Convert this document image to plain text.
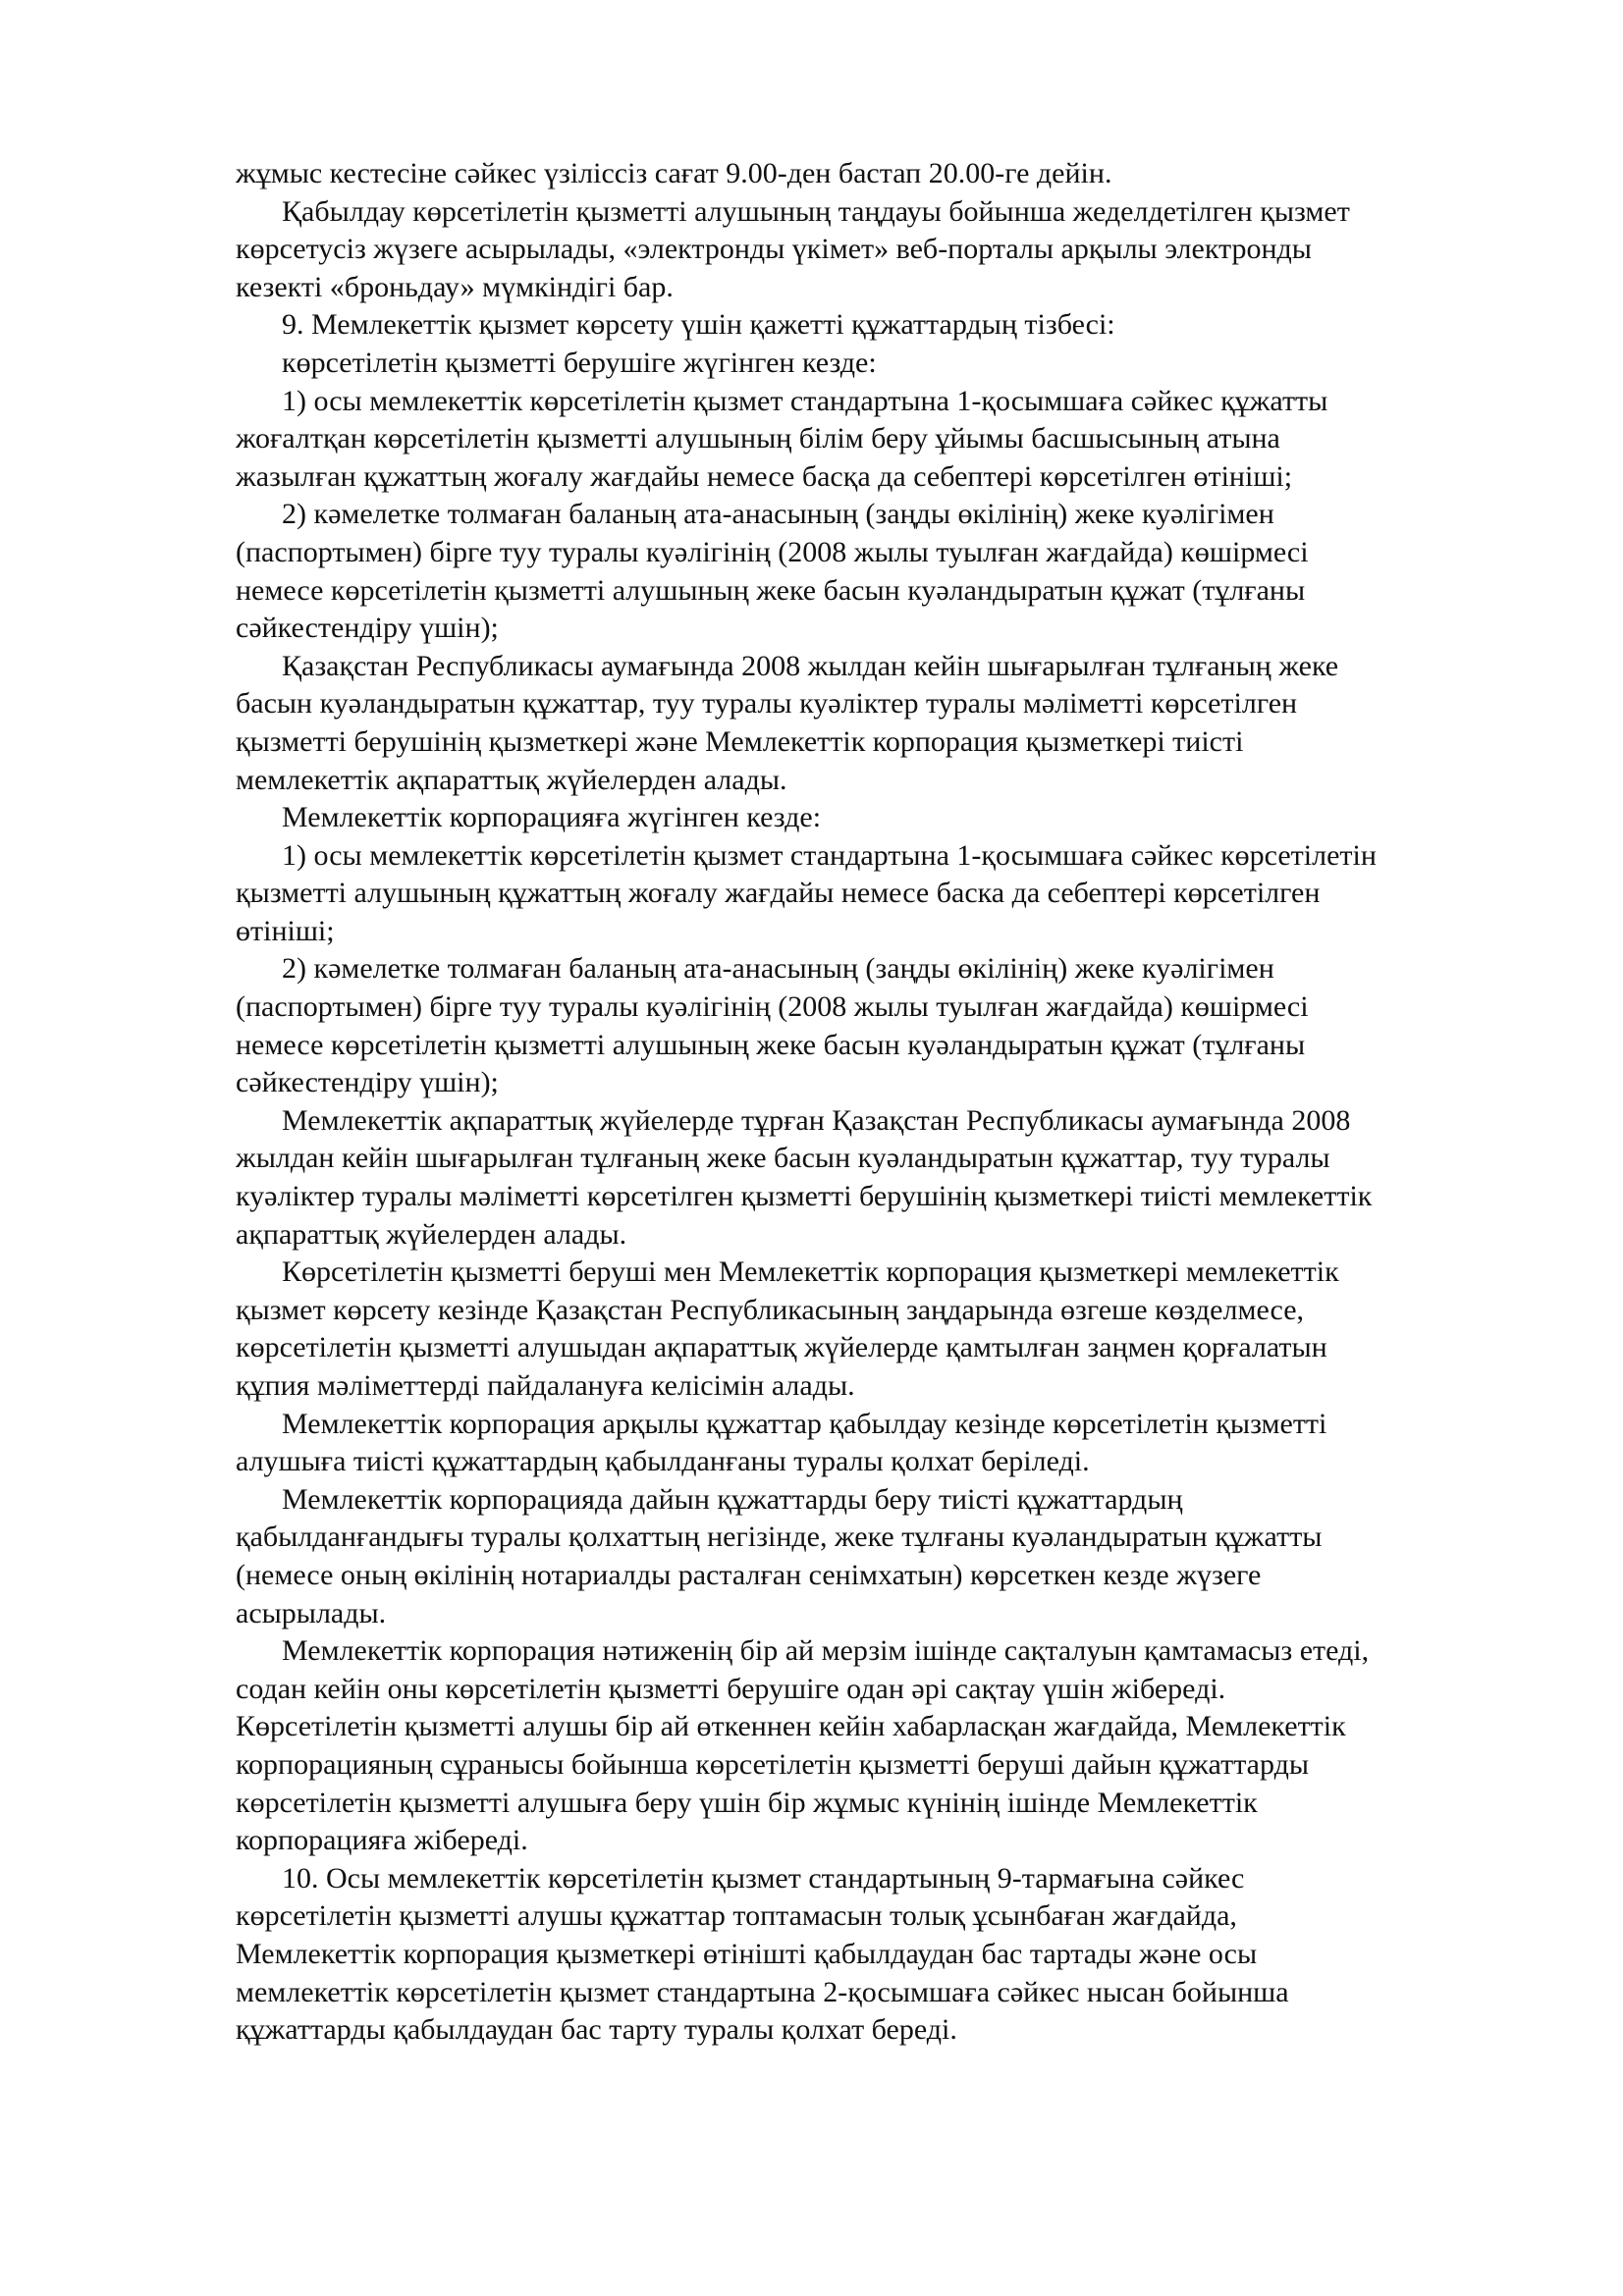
жұмыс кестесіне сәйкес үзіліссіз сағат 9.00-ден бастап 20.00-ге дейін.
Қабылдау көрсетілетін қызметті алушының таңдауы бойынша жеделдетілген қызмет
көрсетусіз жүзеге асырылады, «электронды үкімет» веб-порталы арқылы электронды
кезекті «броньдау» мүмкіндігі бар.
9. Мемлекеттік қызмет көрсету үшін қажетті құжаттардың тізбесі:
көрсетілетін қызметті берушіге жүгінген кезде:
1) осы мемлекеттік көрсетілетін қызмет стандартына 1-қосымшаға сәйкес құжатты
жоғалтқан көрсетілетін қызметті алушының білім беру ұйымы басшысының атына
жазылған құжаттың жоғалу жағдайы немесе басқа да себептері көрсетілген өтініші;
2) кәмелетке толмаған баланың ата-анасының (заңды өкілінің) жеке куәлігімен
(паспортымен) бірге туу туралы куәлігінің (2008 жылы туылған жағдайда) көшірмесі
немесе көрсетілетін қызметті алушының жеке басын куәландыратын құжат (тұлғаны
сәйкестендіру үшін);
Қазақстан Республикасы аумағында 2008 жылдан кейін шығарылған тұлғаның жеке
басын куәландыратын құжаттар, туу туралы куәліктер туралы мәліметті көрсетілген
қызметті берушінің қызметкері және Мемлекеттік корпорация қызметкері тиісті
мемлекеттік ақпараттық жүйелерден алады.
Мемлекеттік корпорацияға жүгінген кезде:
1) осы мемлекеттік көрсетілетін қызмет стандартына 1-қосымшаға сәйкес көрсетілетін
қызметті алушының құжаттың жоғалу жағдайы немесе баска да себептері көрсетілген
өтініші;
2) кәмелетке толмаған баланың ата-анасының (заңды өкілінің) жеке куәлігімен
(паспортымен) бірге туу туралы куәлігінің (2008 жылы туылған жағдайда) көшірмесі
немесе көрсетілетін қызметті алушының жеке басын куәландыратын құжат (тұлғаны
сәйкестендіру үшін);
Мемлекеттік ақпараттық жүйелерде тұрған Қазақстан Республикасы аумағында 2008
жылдан кейін шығарылған тұлғаның жеке басын куәландыратын құжаттар, туу туралы
куәліктер туралы мәліметті көрсетілген қызметті берушінің қызметкері тиісті мемлекеттік
ақпараттық жүйелерден алады.
Көрсетілетін қызметті беруші мен Мемлекеттік корпорация қызметкері мемлекеттік
қызмет көрсету кезінде Қазақстан Республикасының заңдарында өзгеше көзделмесе,
көрсетілетін қызметті алушыдан ақпараттық жүйелерде қамтылған заңмен қорғалатын
құпия мәліметтерді пайдалануға келісімін алады.
Мемлекеттік корпорация арқылы құжаттар қабылдау кезінде көрсетілетін қызметті
алушыға тиісті құжаттардың қабылданғаны туралы қолхат беріледі.
Мемлекеттік корпорацияда дайын құжаттарды беру тиісті құжаттардың
қабылданғандығы туралы қолхаттың негізінде, жеке тұлғаны куәландыратын құжатты
(немесе оның өкілінің нотариалды расталған сенімхатын) көрсеткен кезде жүзеге
асырылады.
Мемлекеттік корпорация нәтиженің бір ай мерзім ішінде сақталуын қамтамасыз етеді,
содан кейін оны көрсетілетін қызметті берушіге одан әрі сақтау үшін жібереді.
Көрсетілетін қызметті алушы бір ай өткеннен кейін хабарласқан жағдайда, Мемлекеттік
корпорацияның сұранысы бойынша көрсетілетін қызметті беруші дайын құжаттарды
көрсетілетін қызметті алушыға беру үшін бір жұмыс күнінің ішінде Мемлекеттік
корпорацияға жібереді.
10. Осы мемлекеттік көрсетілетін қызмет стандартының 9-тармағына сәйкес
көрсетілетін қызметті алушы құжаттар топтамасын толық ұсынбаған жағдайда,
Мемлекеттік корпорация қызметкері өтінішті қабылдаудан бас тартады және осы
мемлекеттік көрсетілетін қызмет стандартына 2-қосымшаға сәйкес нысан бойынша
құжаттарды қабылдаудан бас тарту туралы қолхат береді.
